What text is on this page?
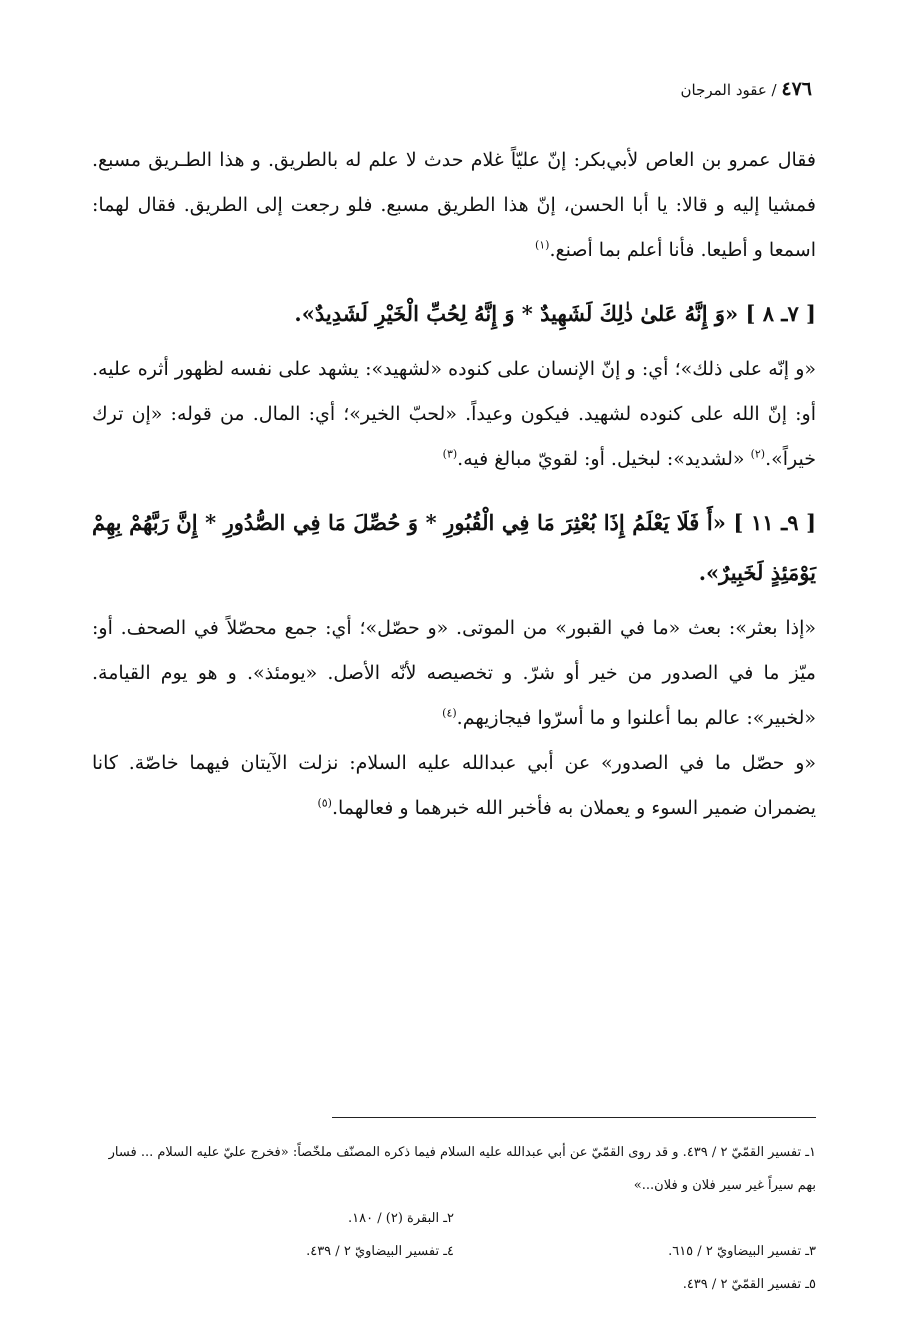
٤٧٦ / عقود المرجان

فقال عمرو بن العاص لأبي‌بكر: إنّ عليّاً غلام حدث لا علم له بالطريق. و هذا الطـريق مسبع. فمشيا إليه و قالا: يا أبا الحسن، إنّ هذا الطريق مسبع. فلو رجعت إلى الطريق. فقال لهما: اسمعا و أطيعا. فأنا أعلم بما أصنع.$^{(١)}$

[ ٧ـ ٨ ] «وَ إِنَّهُ عَلىٰ ذٰلِكَ لَشَهِيدٌ * وَ إِنَّهُ لِحُبِّ الْخَيْرِ لَشَدِيدٌ».

«و إنّه على ذلك»؛ أي: و إنّ الإنسان على كنوده «لشهيد»: يشهد على نفسه لظهور أثره عليه. أو: إنّ الله على كنوده لشهيد. فيكون وعيداً. «لحبّ الخير»؛ أي: المال. من قوله: «إن ترك خيراً».$^{(٢)}$ «لشديد»: لبخيل. أو: لقويّ مبالغ فيه.$^{(٣)}$

[ ٩ـ ١١ ] «أَ فَلَا يَعْلَمُ إِذَا بُعْثِرَ مَا فِي الْقُبُورِ * وَ حُصِّلَ مَا فِي الصُّدُورِ * إِنَّ رَبَّهُمْ بِهِمْ يَوْمَئِذٍ لَخَبِيرٌ».

«إذا بعثر»: بعث «ما في القبور» من الموتى. «و حصّل»؛ أي: جمع محصّلاً في الصحف. أو: ميّز ما في الصدور من خير أو شرّ. و تخصيصه لأنّه الأصل. «يومئذ». و هو يوم القيامة. «لخبير»: عالم بما أعلنوا و ما أسرّوا فيجازيهم.$^{(٤)}$

«و حصّل ما في الصدور» عن أبي عبدالله عليه السلام: نزلت الآيتان فيهما خاصّة. كانا يضمران ضمير السوء و يعملان به فأخبر الله خبرهما و فعالهما.$^{(٥)}$

١ـ تفسير القمّيّ ٢ / ٤٣٩. و قد روى القمّيّ عن أبي عبدالله عليه السلام فيما ذكره المصنّف ملخّصاً: «فخرج عليّ عليه السلام ... فسار بهم سيراً غير سير فلان و فلان...»
٢ـ البقرة (٢) / ١٨٠.
٣ـ تفسير البيضاويّ ٢ / ٦١٥.
٤ـ تفسير البيضاويّ ٢ / ٤٣٩.
٥ـ تفسير القمّيّ ٢ / ٤٣٩.
